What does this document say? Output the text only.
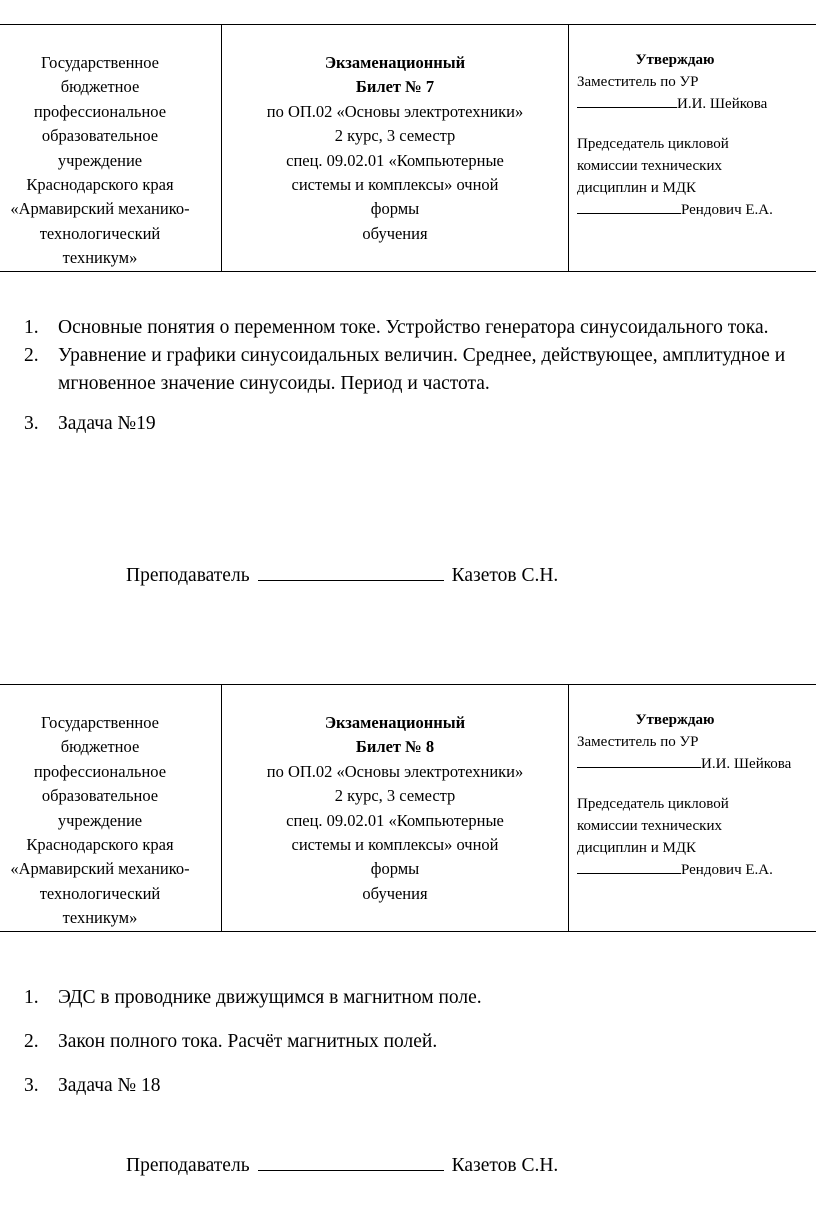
Государственное
бюджетное
профессиональное
образовательное
учреждение
Краснодарского края
«Армавирский механико-
технологический
техникум»

Экзаменационный
Билет № 7
по ОП.02 «Основы электротехники»
2 курс, 3 семестр
спец. 09.02.01 «Компьютерные
системы и комплексы» очной
формы
обучения

Утверждаю
Заместитель по УР
И.И. Шейкова
Председатель цикловой
комиссии технических
дисциплин и МДК
Рендович Е.А.
1. Основные понятия о переменном токе. Устройство генератора синусоидального тока.
2. Уравнение и графики синусоидальных величин. Среднее, действующее, амплитудное и мгновенное значение синусоиды. Период и частота.
3. Задача №19
Преподаватель	Казетов С.Н.
Государственное
бюджетное
профессиональное
образовательное
учреждение
Краснодарского края
«Армавирский механико-
технологический
техникум»

Экзаменационный
Билет № 8
по ОП.02 «Основы электротехники»
2 курс, 3 семестр
спец. 09.02.01 «Компьютерные
системы и комплексы» очной
формы
обучения

Утверждаю
Заместитель по УР
И.И. Шейкова
Председатель цикловой
комиссии технических
дисциплин и МДК
Рендович Е.А.
1. ЭДС в проводнике движущимся в магнитном поле.
2. Закон полного тока. Расчёт магнитных полей.
3. Задача № 18
Преподаватель	Казетов С.Н.
